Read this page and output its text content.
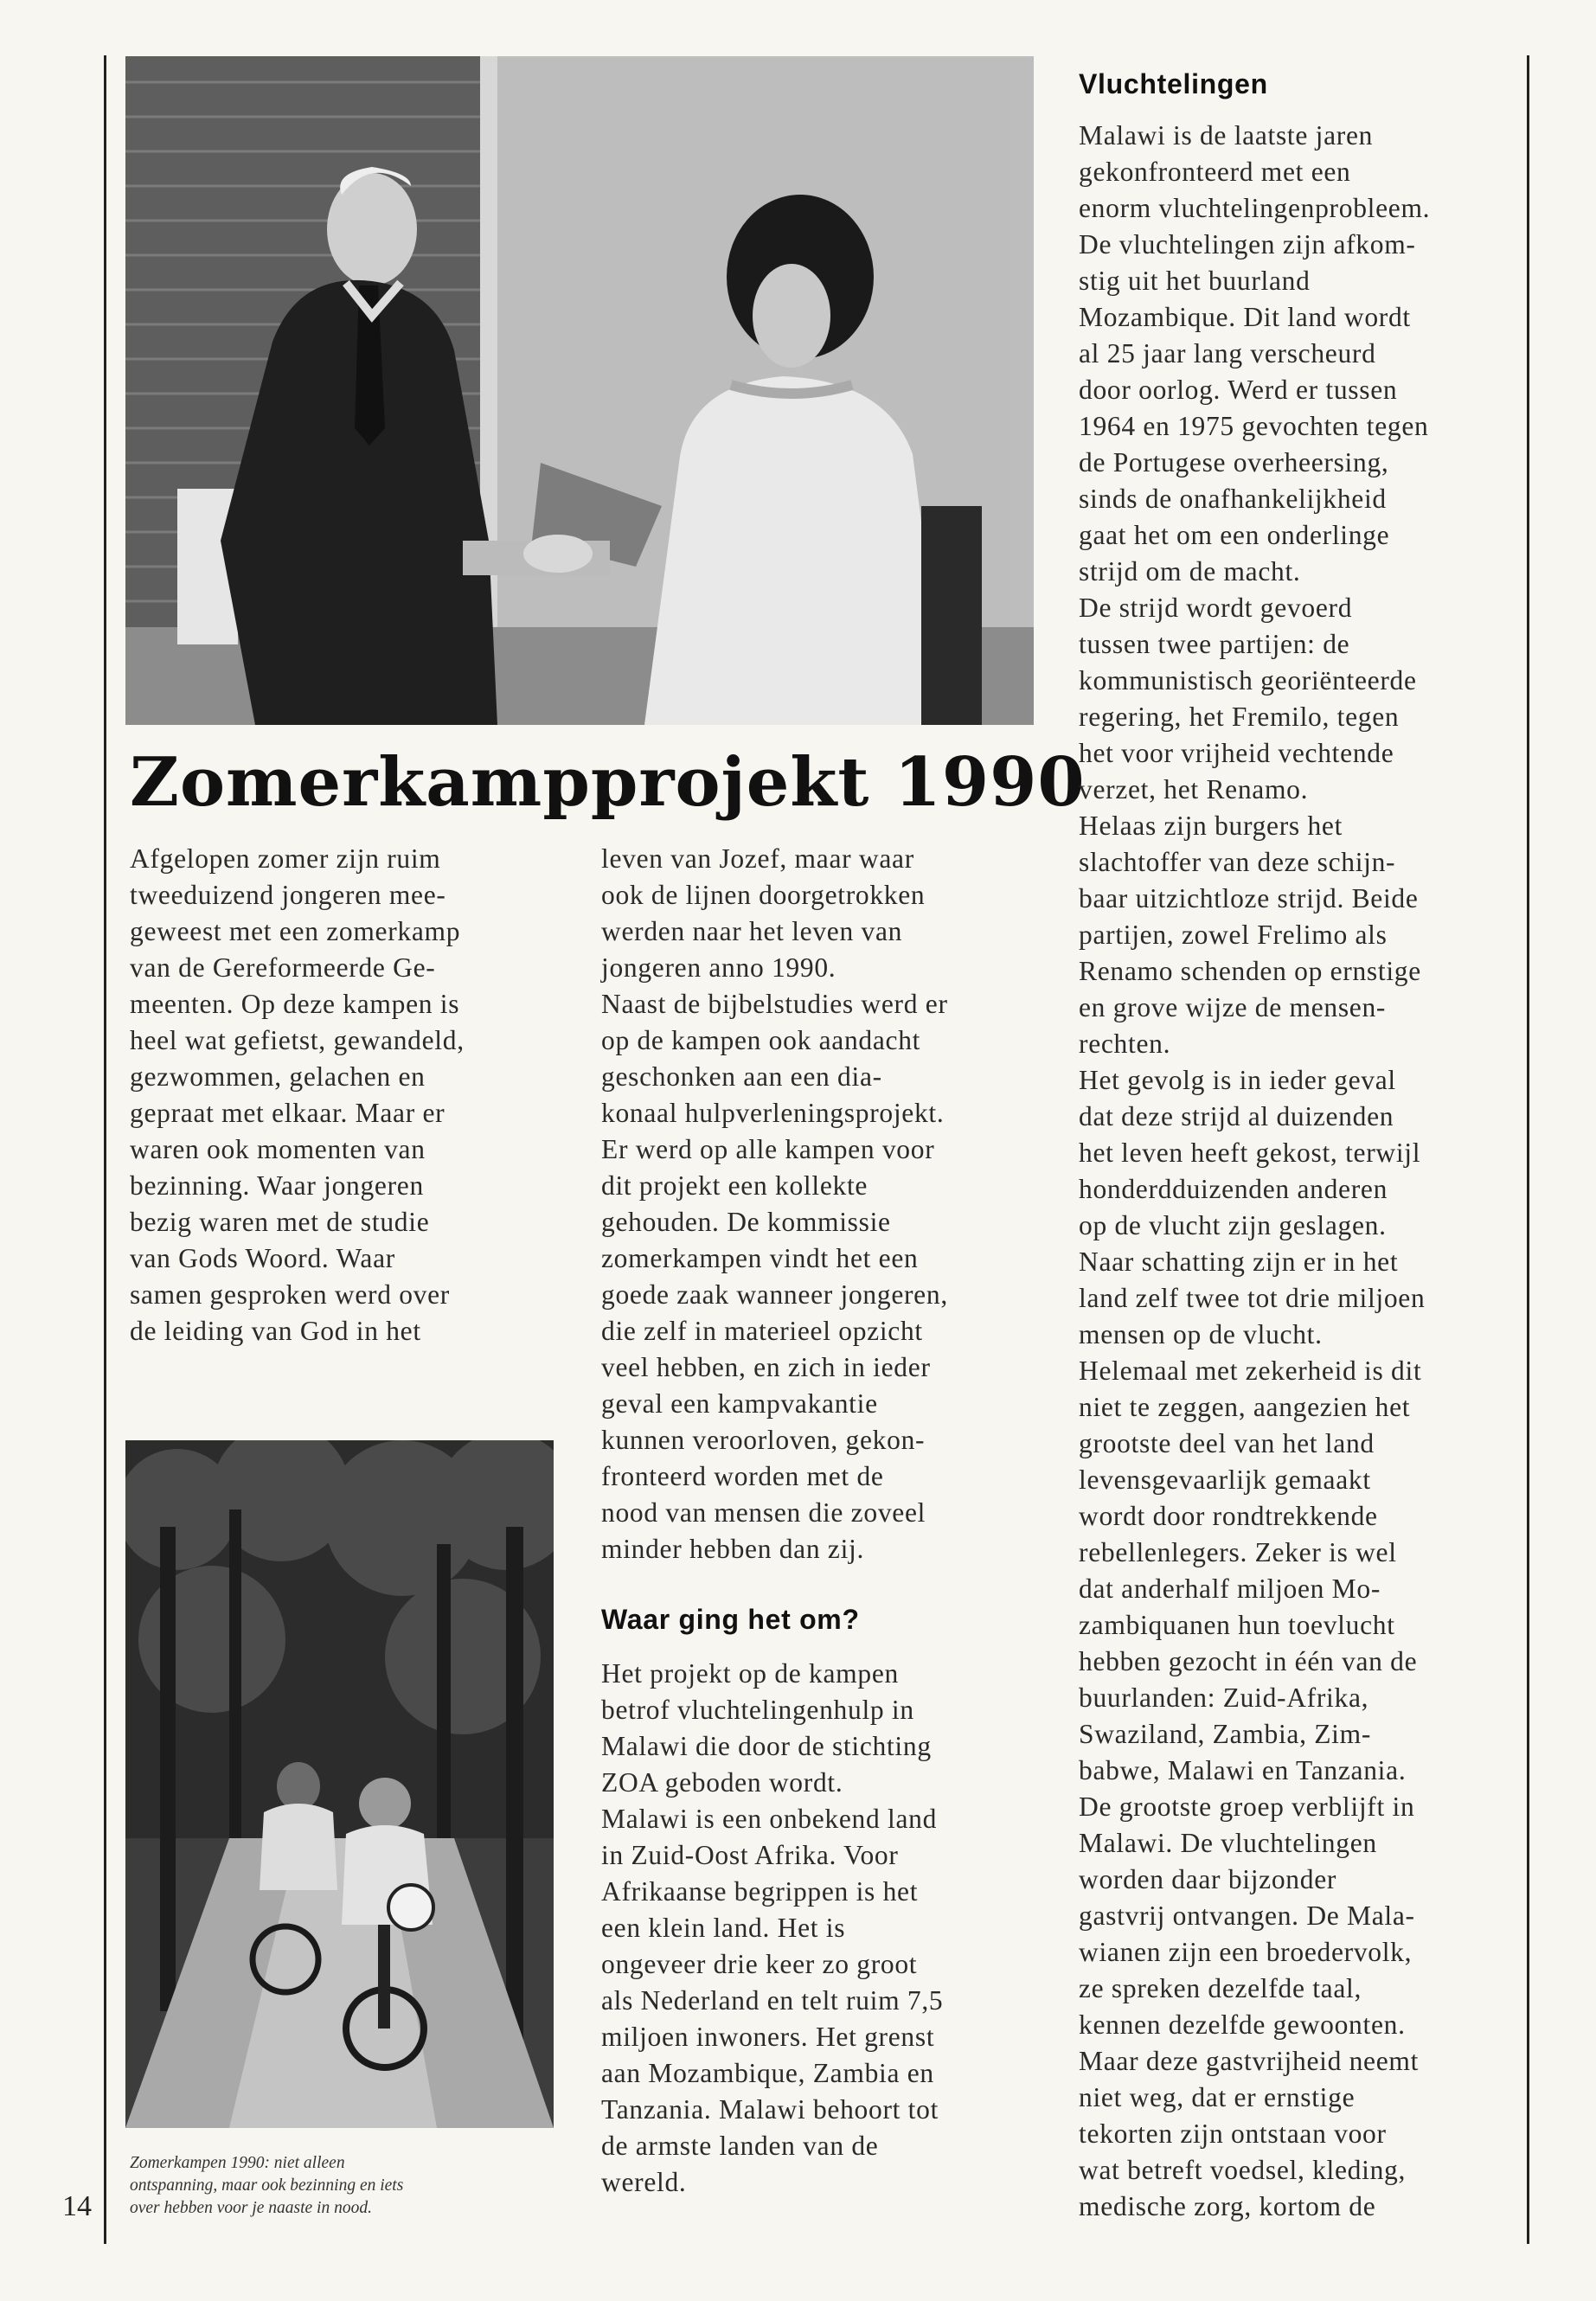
Zomerkampprojekt 1990
Afgelopen zomer zijn ruim
tweeduizend jongeren mee-
geweest met een zomerkamp
van de Gereformeerde Ge-
meenten. Op deze kampen is
heel wat gefietst, gewandeld,
gezwommen, gelachen en
gepraat met elkaar. Maar er
waren ook momenten van
bezinning. Waar jongeren
bezig waren met de studie
van Gods Woord. Waar
samen gesproken werd over
de leiding van God in het
Zomerkampen 1990: niet alleen
ontspanning, maar ook bezinning en iets
over hebben voor je naaste in nood.
leven van Jozef, maar waar
ook de lijnen doorgetrokken
werden naar het leven van
jongeren anno 1990.
Naast de bijbelstudies werd er
op de kampen ook aandacht
geschonken aan een dia-
konaal hulpverleningsprojekt.
Er werd op alle kampen voor
dit projekt een kollekte
gehouden. De kommissie
zomerkampen vindt het een
goede zaak wanneer jongeren,
die zelf in materieel opzicht
veel hebben, en zich in ieder
geval een kampvakantie
kunnen veroorloven, gekon-
fronteerd worden met de
nood van mensen die zoveel
minder hebben dan zij.
Waar ging het om?
Het projekt op de kampen
betrof vluchtelingenhulp in
Malawi die door de stichting
ZOA geboden wordt.
Malawi is een onbekend land
in Zuid-Oost Afrika. Voor
Afrikaanse begrippen is het
een klein land. Het is
ongeveer drie keer zo groot
als Nederland en telt ruim 7,5
miljoen inwoners. Het grenst
aan Mozambique, Zambia en
Tanzania. Malawi behoort tot
de armste landen van de
wereld.
Vluchtelingen
Malawi is de laatste jaren
gekonfronteerd met een
enorm vluchtelingenprobleem.
De vluchtelingen zijn afkom-
stig uit het buurland
Mozambique. Dit land wordt
al 25 jaar lang verscheurd
door oorlog. Werd er tussen
1964 en 1975 gevochten tegen
de Portugese overheersing,
sinds de onafhankelijkheid
gaat het om een onderlinge
strijd om de macht.
De strijd wordt gevoerd
tussen twee partijen: de
kommunistisch georiënteerde
regering, het Fremilo, tegen
het voor vrijheid vechtende
verzet, het Renamo.
Helaas zijn burgers het
slachtoffer van deze schijn-
baar uitzichtloze strijd. Beide
partijen, zowel Frelimo als
Renamo schenden op ernstige
en grove wijze de mensen-
rechten.
Het gevolg is in ieder geval
dat deze strijd al duizenden
het leven heeft gekost, terwijl
honderdduizenden anderen
op de vlucht zijn geslagen.
Naar schatting zijn er in het
land zelf twee tot drie miljoen
mensen op de vlucht.
Helemaal met zekerheid is dit
niet te zeggen, aangezien het
grootste deel van het land
levensgevaarlijk gemaakt
wordt door rondtrekkende
rebellenlegers. Zeker is wel
dat anderhalf miljoen Mo-
zambiquanen hun toevlucht
hebben gezocht in één van de
buurlanden: Zuid-Afrika,
Swaziland, Zambia, Zim-
babwe, Malawi en Tanzania.
De grootste groep verblijft in
Malawi. De vluchtelingen
worden daar bijzonder
gastvrij ontvangen. De Mala-
wianen zijn een broedervolk,
ze spreken dezelfde taal,
kennen dezelfde gewoonten.
Maar deze gastvrijheid neemt
niet weg, dat er ernstige
tekorten zijn ontstaan voor
wat betreft voedsel, kleding,
medische zorg, kortom de
14
